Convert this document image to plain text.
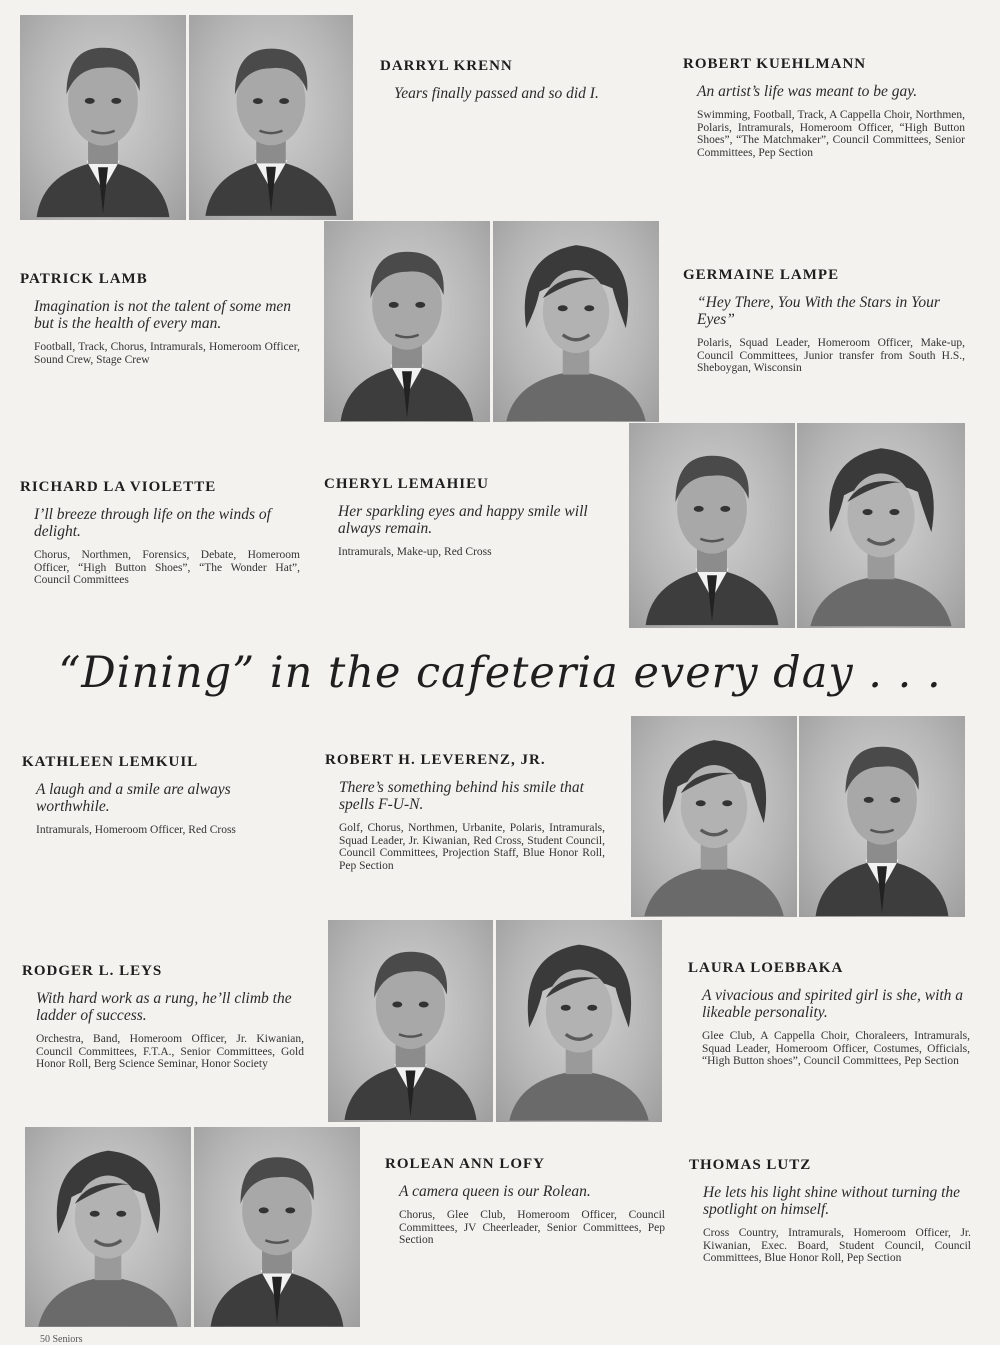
DARRYL KRENN
Years finally passed and so did I.
ROBERT KUEHLMANN
An artist’s life was meant to be gay.
Swimming, Football, Track, A Cappella Choir, Northmen, Polaris, Intramurals, Homeroom Officer, “High Button Shoes”, “The Matchmaker”, Council Committees, Senior Committees, Pep Section
PATRICK LAMB
Imagination is not the talent of some men but is the health of every man.
Football, Track, Chorus, Intramurals, Homeroom Officer, Sound Crew, Stage Crew
GERMAINE LAMPE
“Hey There, You With the Stars in Your Eyes”
Polaris, Squad Leader, Homeroom Officer, Make-up, Council Committees, Junior transfer from South H.S., Sheboygan, Wisconsin
RICHARD LA VIOLETTE
I’ll breeze through life on the winds of delight.
Chorus, Northmen, Forensics, Debate, Homeroom Officer, “High Button Shoes”, “The Wonder Hat”, Council Committees
CHERYL LEMAHIEU
Her sparkling eyes and happy smile will always remain.
Intramurals, Make-up, Red Cross
“Dining” in the cafeteria every day . . .
KATHLEEN LEMKUIL
A laugh and a smile are always worthwhile.
Intramurals, Homeroom Officer, Red Cross
ROBERT H. LEVERENZ, JR.
There’s something behind his smile that spells F-U-N.
Golf, Chorus, Northmen, Urbanite, Polaris, Intramurals, Squad Leader, Jr. Kiwanian, Red Cross, Student Council, Council Committees, Projection Staff, Blue Honor Roll, Pep Section
RODGER L. LEYS
With hard work as a rung, he’ll climb the ladder of success.
Orchestra, Band, Homeroom Officer, Jr. Kiwanian, Council Committees, F.T.A., Senior Committees, Gold Honor Roll, Berg Science Seminar, Honor Society
LAURA LOEBBAKA
A vivacious and spirited girl is she, with a likeable personality.
Glee Club, A Cappella Choir, Choraleers, Intramurals, Squad Leader, Homeroom Officer, Costumes, Officials, “High Button shoes”, Council Committees, Pep Section
ROLEAN ANN LOFY
A camera queen is our Rolean.
Chorus, Glee Club, Homeroom Officer, Council Committees, JV Cheerleader, Senior Committees, Pep Section
THOMAS LUTZ
He lets his light shine without turning the spotlight on himself.
Cross Country, Intramurals, Homeroom Officer, Jr. Kiwanian, Exec. Board, Student Council, Council Committees, Blue Honor Roll, Pep Section
50 Seniors
